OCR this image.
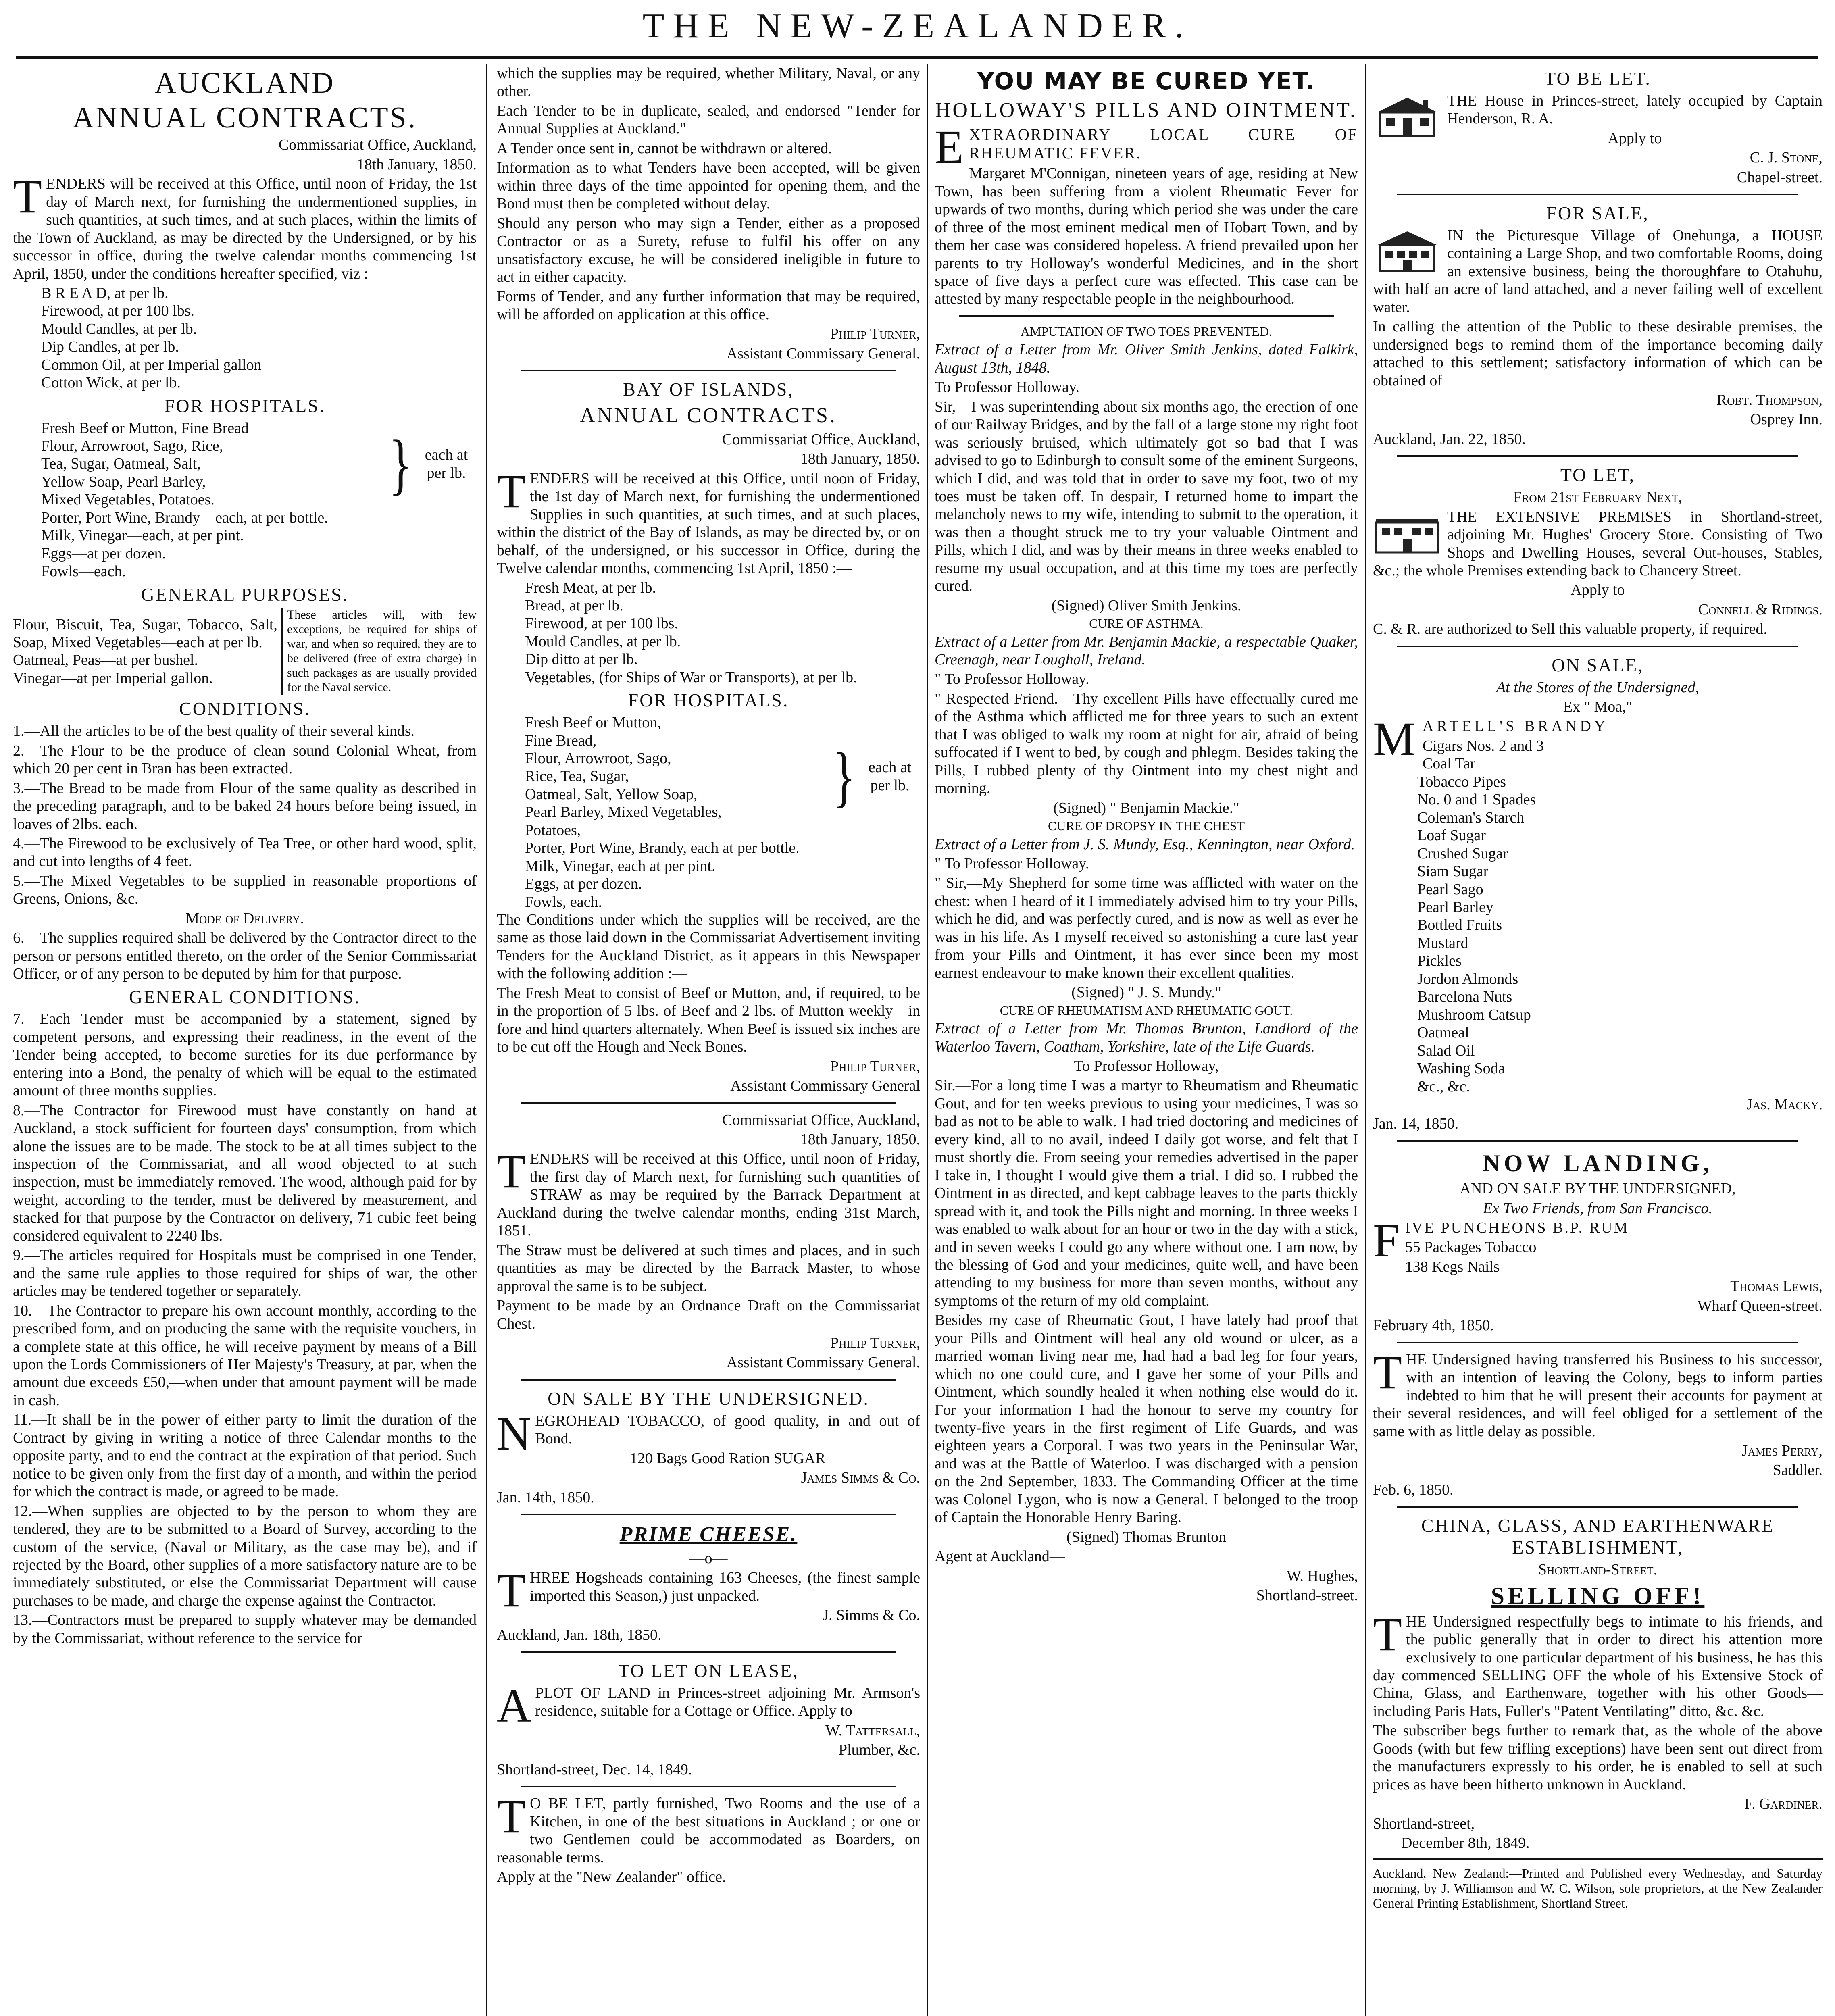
THE NEW-ZEALANDER.
AUCKLAND
ANNUAL CONTRACTS.

Commissariat Office, Auckland,

18th January, 1850.

TENDERS will be received at this Office, until noon of Friday, the 1st day of March next, for furnishing the undermentioned supplies, in such quantities, at such times, and at such places, within the limits of the Town of Auckland, as may be directed by the Undersigned, or by his successor in office, during the twelve calendar months commencing 1st April, 1850, under the conditions hereafter specified, viz :—

B R E A D, at per lb.
Firewood, at per 100 lbs.
Mould Candles, at per lb.
Dip Candles, at per lb.
Common Oil, at per Imperial gallon
Cotton Wick, at per lb.
FOR HOSPITALS.
Fresh Beef or Mutton, Fine Bread
Flour, Arrowroot, Sago, Rice,
Tea, Sugar, Oatmeal, Salt,
Yellow Soap, Pearl Barley,
Mixed Vegetables, Potatoes.	} each at per lb.
Porter, Port Wine, Brandy—each, at per bottle.
Milk, Vinegar—each, at per pint.
Eggs—at per dozen.
Fowls—each.
GENERAL PURPOSES.
Flour, Biscuit, Tea, Sugar, Tobacco, Salt, Soap, Mixed Vegetables—each at per lb.
Oatmeal, Peas—at per bushel.
Vinegar—at per Imperial gallon.
These articles will, with few exceptions, be required for ships of war, and when so required, they are to be delivered (free of extra charge) in such packages as are usually provided for the Naval service.
CONDITIONS.

1.—All the articles to be of the best quality of their several kinds.

2.—The Flour to be the produce of clean sound Colonial Wheat, from which 20 per cent in Bran has been extracted.

3.—The Bread to be made from Flour of the same quality as described in the preceding paragraph, and to be baked 24 hours before being issued, in loaves of 2lbs. each.

4.—The Firewood to be exclusively of Tea Tree, or other hard wood, split, and cut into lengths of 4 feet.

5.—The Mixed Vegetables to be supplied in reasonable proportions of Greens, Onions, &c.

Mode of Delivery.

6.—The supplies required shall be delivered by the Contractor direct to the person or persons entitled thereto, on the order of the Senior Commissariat Officer, or of any person to be deputed by him for that purpose.

GENERAL CONDITIONS.

7.—Each Tender must be accompanied by a statement, signed by competent persons, and expressing their readiness, in the event of the Tender being accepted, to become sureties for its due performance by entering into a Bond, the penalty of which will be equal to the estimated amount of three months supplies.

8.—The Contractor for Firewood must have constantly on hand at Auckland, a stock sufficient for fourteen days' consumption, from which alone the issues are to be made. The stock to be at all times subject to the inspection of the Commissariat, and all wood objected to at such inspection, must be immediately removed. The wood, although paid for by weight, according to the tender, must be delivered by measurement, and stacked for that purpose by the Contractor on delivery, 71 cubic feet being considered equivalent to 2240 lbs.

9.—The articles required for Hospitals must be comprised in one Tender, and the same rule applies to those required for ships of war, the other articles may be tendered together or separately.

10.—The Contractor to prepare his own account monthly, according to the prescribed form, and on producing the same with the requisite vouchers, in a complete state at this office, he will receive payment by means of a Bill upon the Lords Commissioners of Her Majesty's Treasury, at par, when the amount due exceeds £50,—when under that amount payment will be made in cash.

11.—It shall be in the power of either party to limit the duration of the Contract by giving in writing a notice of three Calendar months to the opposite party, and to end the contract at the expiration of that period. Such notice to be given only from the first day of a month, and within the period for which the contract is made, or agreed to be made.

12.—When supplies are objected to by the person to whom they are tendered, they are to be submitted to a Board of Survey, according to the custom of the service, (Naval or Military, as the case may be), and if rejected by the Board, other supplies of a more satisfactory nature are to be immediately substituted, or else the Commissariat Department will cause purchases to be made, and charge the expense against the Contractor.

13.—Contractors must be prepared to supply whatever may be demanded by the Commissariat, without reference to the service for

which the supplies may be required, whether Military, Naval, or any other.

Each Tender to be in duplicate, sealed, and endorsed "Tender for Annual Supplies at Auckland."

A Tender once sent in, cannot be withdrawn or altered.

Information as to what Tenders have been accepted, will be given within three days of the time appointed for opening them, and the Bond must then be completed without delay.

Should any person who may sign a Tender, either as a proposed Contractor or as a Surety, refuse to fulfil his offer on any unsatisfactory excuse, he will be considered ineligible in future to act in either capacity.

Forms of Tender, and any further information that may be required, will be afforded on application at this office.

Philip Turner,

Assistant Commissary General.

BAY OF ISLANDS,
ANNUAL CONTRACTS.

Commissariat Office, Auckland,

18th January, 1850.

TENDERS will be received at this Office, until noon of Friday, the 1st day of March next, for furnishing the undermentioned Supplies in such quantities, at such times, and at such places, within the district of the Bay of Islands, as may be directed by, or on behalf, of the undersigned, or his successor in Office, during the Twelve calendar months, commencing 1st April, 1850 :—

Fresh Meat, at per lb.
Bread, at per lb.
Firewood, at per 100 lbs.
Mould Candles, at per lb.
Dip ditto at per lb.
Vegetables, (for Ships of War or Transports), at per lb.
FOR HOSPITALS.
Fresh Beef or Mutton,
Fine Bread,
Flour, Arrowroot, Sago,
Rice, Tea, Sugar,
Oatmeal, Salt, Yellow Soap,
Pearl Barley, Mixed Vegetables,
Potatoes,
} each at per lb.
Porter, Port Wine, Brandy, each at per bottle.
Milk, Vinegar, each at per pint.
Eggs, at per dozen.
Fowls, each.

The Conditions under which the supplies will be received, are the same as those laid down in the Commissariat Advertisement inviting Tenders for the Auckland District, as it appears in this Newspaper with the following addition :—

The Fresh Meat to consist of Beef or Mutton, and, if required, to be in the proportion of 5 lbs. of Beef and 2 lbs. of Mutton weekly—in fore and hind quarters alternately. When Beef is issued six inches are to be cut off the Hough and Neck Bones.

Philip Turner,

Assistant Commissary General

Commissariat Office, Auckland,

18th January, 1850.

TENDERS will be received at this Office, until noon of Friday, the first day of March next, for furnishing such quantities of STRAW as may be required by the Barrack Department at Auckland during the twelve calendar months, ending 31st March, 1851.

The Straw must be delivered at such times and places, and in such quantities as may be directed by the Barrack Master, to whose approval the same is to be subject.

Payment to be made by an Ordnance Draft on the Commissariat Chest.

Philip Turner,

Assistant Commissary General.

ON SALE BY THE UNDERSIGNED.

NEGROHEAD TOBACCO, of good quality, in and out of Bond.

120 Bags Good Ration SUGAR

James Simms & Co.

Jan. 14th, 1850.

PRIME CHEESE.

—o—

THREE Hogsheads containing 163 Cheeses, (the finest sample imported this Season,) just unpacked.

J. Simms & Co.

Auckland, Jan. 18th, 1850.

TO LET ON LEASE,

APLOT OF LAND in Princes-street adjoining Mr. Armson's residence, suitable for a Cottage or Office. Apply to

W. Tattersall,

Plumber, &c.

Shortland-street, Dec. 14, 1849.

TO BE LET, partly furnished, Two Rooms and the use of a Kitchen, in one of the best situations in Auckland ; or one or two Gentlemen could be accommodated as Boarders, on reasonable terms.

Apply at the "New Zealander" office.

YOU MAY BE CURED YET.
HOLLOWAY'S PILLS AND OINTMENT.

EXTRAORDINARY LOCAL CURE OF RHEUMATIC FEVER.

Margaret M'Connigan, nineteen years of age, residing at New Town, has been suffering from a violent Rheumatic Fever for upwards of two months, during which period she was under the care of three of the most eminent medical men of Hobart Town, and by them her case was considered hopeless. A friend prevailed upon her parents to try Holloway's wonderful Medicines, and in the short space of five days a perfect cure was effected. This case can be attested by many respectable people in the neighbourhood.

AMPUTATION OF TWO TOES PREVENTED.

Extract of a Letter from Mr. Oliver Smith Jenkins, dated Falkirk, August 13th, 1848.

To Professor Holloway.

Sir,—I was superintending about six months ago, the erection of one of our Railway Bridges, and by the fall of a large stone my right foot was seriously bruised, which ultimately got so bad that I was advised to go to Edinburgh to consult some of the eminent Surgeons, which I did, and was told that in order to save my foot, two of my toes must be taken off. In despair, I returned home to impart the melancholy news to my wife, intending to submit to the operation, it was then a thought struck me to try your valuable Ointment and Pills, which I did, and was by their means in three weeks enabled to resume my usual occupation, and at this time my toes are perfectly cured.

(Signed) Oliver Smith Jenkins.

CURE OF ASTHMA.

Extract of a Letter from Mr. Benjamin Mackie, a respectable Quaker, Creenagh, near Loughall, Ireland.

" To Professor Holloway.

" Respected Friend.—Thy excellent Pills have effectually cured me of the Asthma which afflicted me for three years to such an extent that I was obliged to walk my room at night for air, afraid of being suffocated if I went to bed, by cough and phlegm. Besides taking the Pills, I rubbed plenty of thy Ointment into my chest night and morning.

(Signed) " Benjamin Mackie."

CURE OF DROPSY IN THE CHEST

Extract of a Letter from J. S. Mundy, Esq., Kennington, near Oxford.

" To Professor Holloway.

" Sir,—My Shepherd for some time was afflicted with water on the chest: when I heard of it I immediately advised him to try your Pills, which he did, and was perfectly cured, and is now as well as ever he was in his life. As I myself received so astonishing a cure last year from your Pills and Ointment, it has ever since been my most earnest endeavour to make known their excellent qualities.

(Signed) " J. S. Mundy."

CURE OF RHEUMATISM AND RHEUMATIC GOUT.

Extract of a Letter from Mr. Thomas Brunton, Landlord of the Waterloo Tavern, Coatham, Yorkshire, late of the Life Guards.

To Professor Holloway,

Sir.—For a long time I was a martyr to Rheumatism and Rheumatic Gout, and for ten weeks previous to using your medicines, I was so bad as not to be able to walk. I had tried doctoring and medicines of every kind, all to no avail, indeed I daily got worse, and felt that I must shortly die. From seeing your remedies advertised in the paper I take in, I thought I would give them a trial. I did so. I rubbed the Ointment in as directed, and kept cabbage leaves to the parts thickly spread with it, and took the Pills night and morning. In three weeks I was enabled to walk about for an hour or two in the day with a stick, and in seven weeks I could go any where without one. I am now, by the blessing of God and your medicines, quite well, and have been attending to my business for more than seven months, without any symptoms of the return of my old complaint.

Besides my case of Rheumatic Gout, I have lately had proof that your Pills and Ointment will heal any old wound or ulcer, as a married woman living near me, had had a bad leg for four years, which no one could cure, and I gave her some of your Pills and Ointment, which soundly healed it when nothing else would do it. For your information I had the honour to serve my country for twenty-five years in the first regiment of Life Guards, and was eighteen years a Corporal. I was two years in the Peninsular War, and was at the Battle of Waterloo. I was discharged with a pension on the 2nd September, 1833. The Commanding Officer at the time was Colonel Lygon, who is now a General. I belonged to the troop of Captain the Honorable Henry Baring.

(Signed) Thomas Brunton

Agent at Auckland—

W. Hughes,

Shortland-street.

TO BE LET.

THE House in Princes-street, lately occupied by Captain Henderson, R. A.

Apply to

C. J. Stone,

Chapel-street.

FOR SALE,

IN the Picturesque Village of Onehunga, a HOUSE containing a Large Shop, and two comfortable Rooms, doing an extensive business, being the thoroughfare to Otahuhu, with half an acre of land attached, and a never failing well of excellent water.

In calling the attention of the Public to these desirable premises, the undersigned begs to remind them of the importance becoming daily attached to this settlement; satisfactory information of which can be obtained of

Robt. Thompson,

Osprey Inn.

Auckland, Jan. 22, 1850.

TO LET,

From 21st February Next,

THE EXTENSIVE PREMISES in Shortland-street, adjoining Mr. Hughes' Grocery Store. Consisting of Two Shops and Dwelling Houses, several Out-houses, Stables, &c.; the whole Premises extending back to Chancery Street.

Apply to

Connell & Ridings.

C. & R. are authorized to Sell this valuable property, if required.

ON SALE,

At the Stores of the Undersigned,

Ex " Moa,"

MARTELL'S BRANDY

Cigars Nos. 2 and 3
Coal Tar
Tobacco Pipes
No. 0 and 1 Spades
Coleman's Starch
Loaf Sugar
Crushed Sugar
Siam Sugar
Pearl Sago
Pearl Barley
Bottled Fruits
Mustard
Pickles
Jordon Almonds
Barcelona Nuts
Mushroom Catsup
Oatmeal
Salad Oil
Washing Soda
&c., &c.

Jas. Macky.

Jan. 14, 1850.

NOW LANDING,

AND ON SALE BY THE UNDERSIGNED,

Ex Two Friends, from San Francisco.

FIVE PUNCHEONS B.P. RUM

55 Packages Tobacco

138 Kegs Nails

Thomas Lewis,

Wharf Queen-street.

February 4th, 1850.

THE Undersigned having transferred his Business to his successor, with an intention of leaving the Colony, begs to inform parties indebted to him that he will present their accounts for payment at their several residences, and will feel obliged for a settlement of the same with as little delay as possible.

James Perry,

Saddler.

Feb. 6, 1850.

CHINA, GLASS, AND EARTHENWARE ESTABLISHMENT,

Shortland-Street.

SELLING OFF!

THE Undersigned respectfully begs to intimate to his friends, and the public generally that in order to direct his attention more exclusively to one particular department of his business, he has this day commenced SELLING OFF the whole of his Extensive Stock of China, Glass, and Earthenware, together with his other Goods—including Paris Hats, Fuller's "Patent Ventilating" ditto, &c. &c.

The subscriber begs further to remark that, as the whole of the above Goods (with but few trifling exceptions) have been sent out direct from the manufacturers expressly to his order, he is enabled to sell at such prices as have been hitherto unknown in Auckland.

F. Gardiner.

Shortland-street,

December 8th, 1849.

Auckland, New Zealand:—Printed and Published every Wednesday, and Saturday morning, by J. Williamson and W. C. Wilson, sole proprietors, at the New Zealander General Printing Establishment, Shortland Street.
